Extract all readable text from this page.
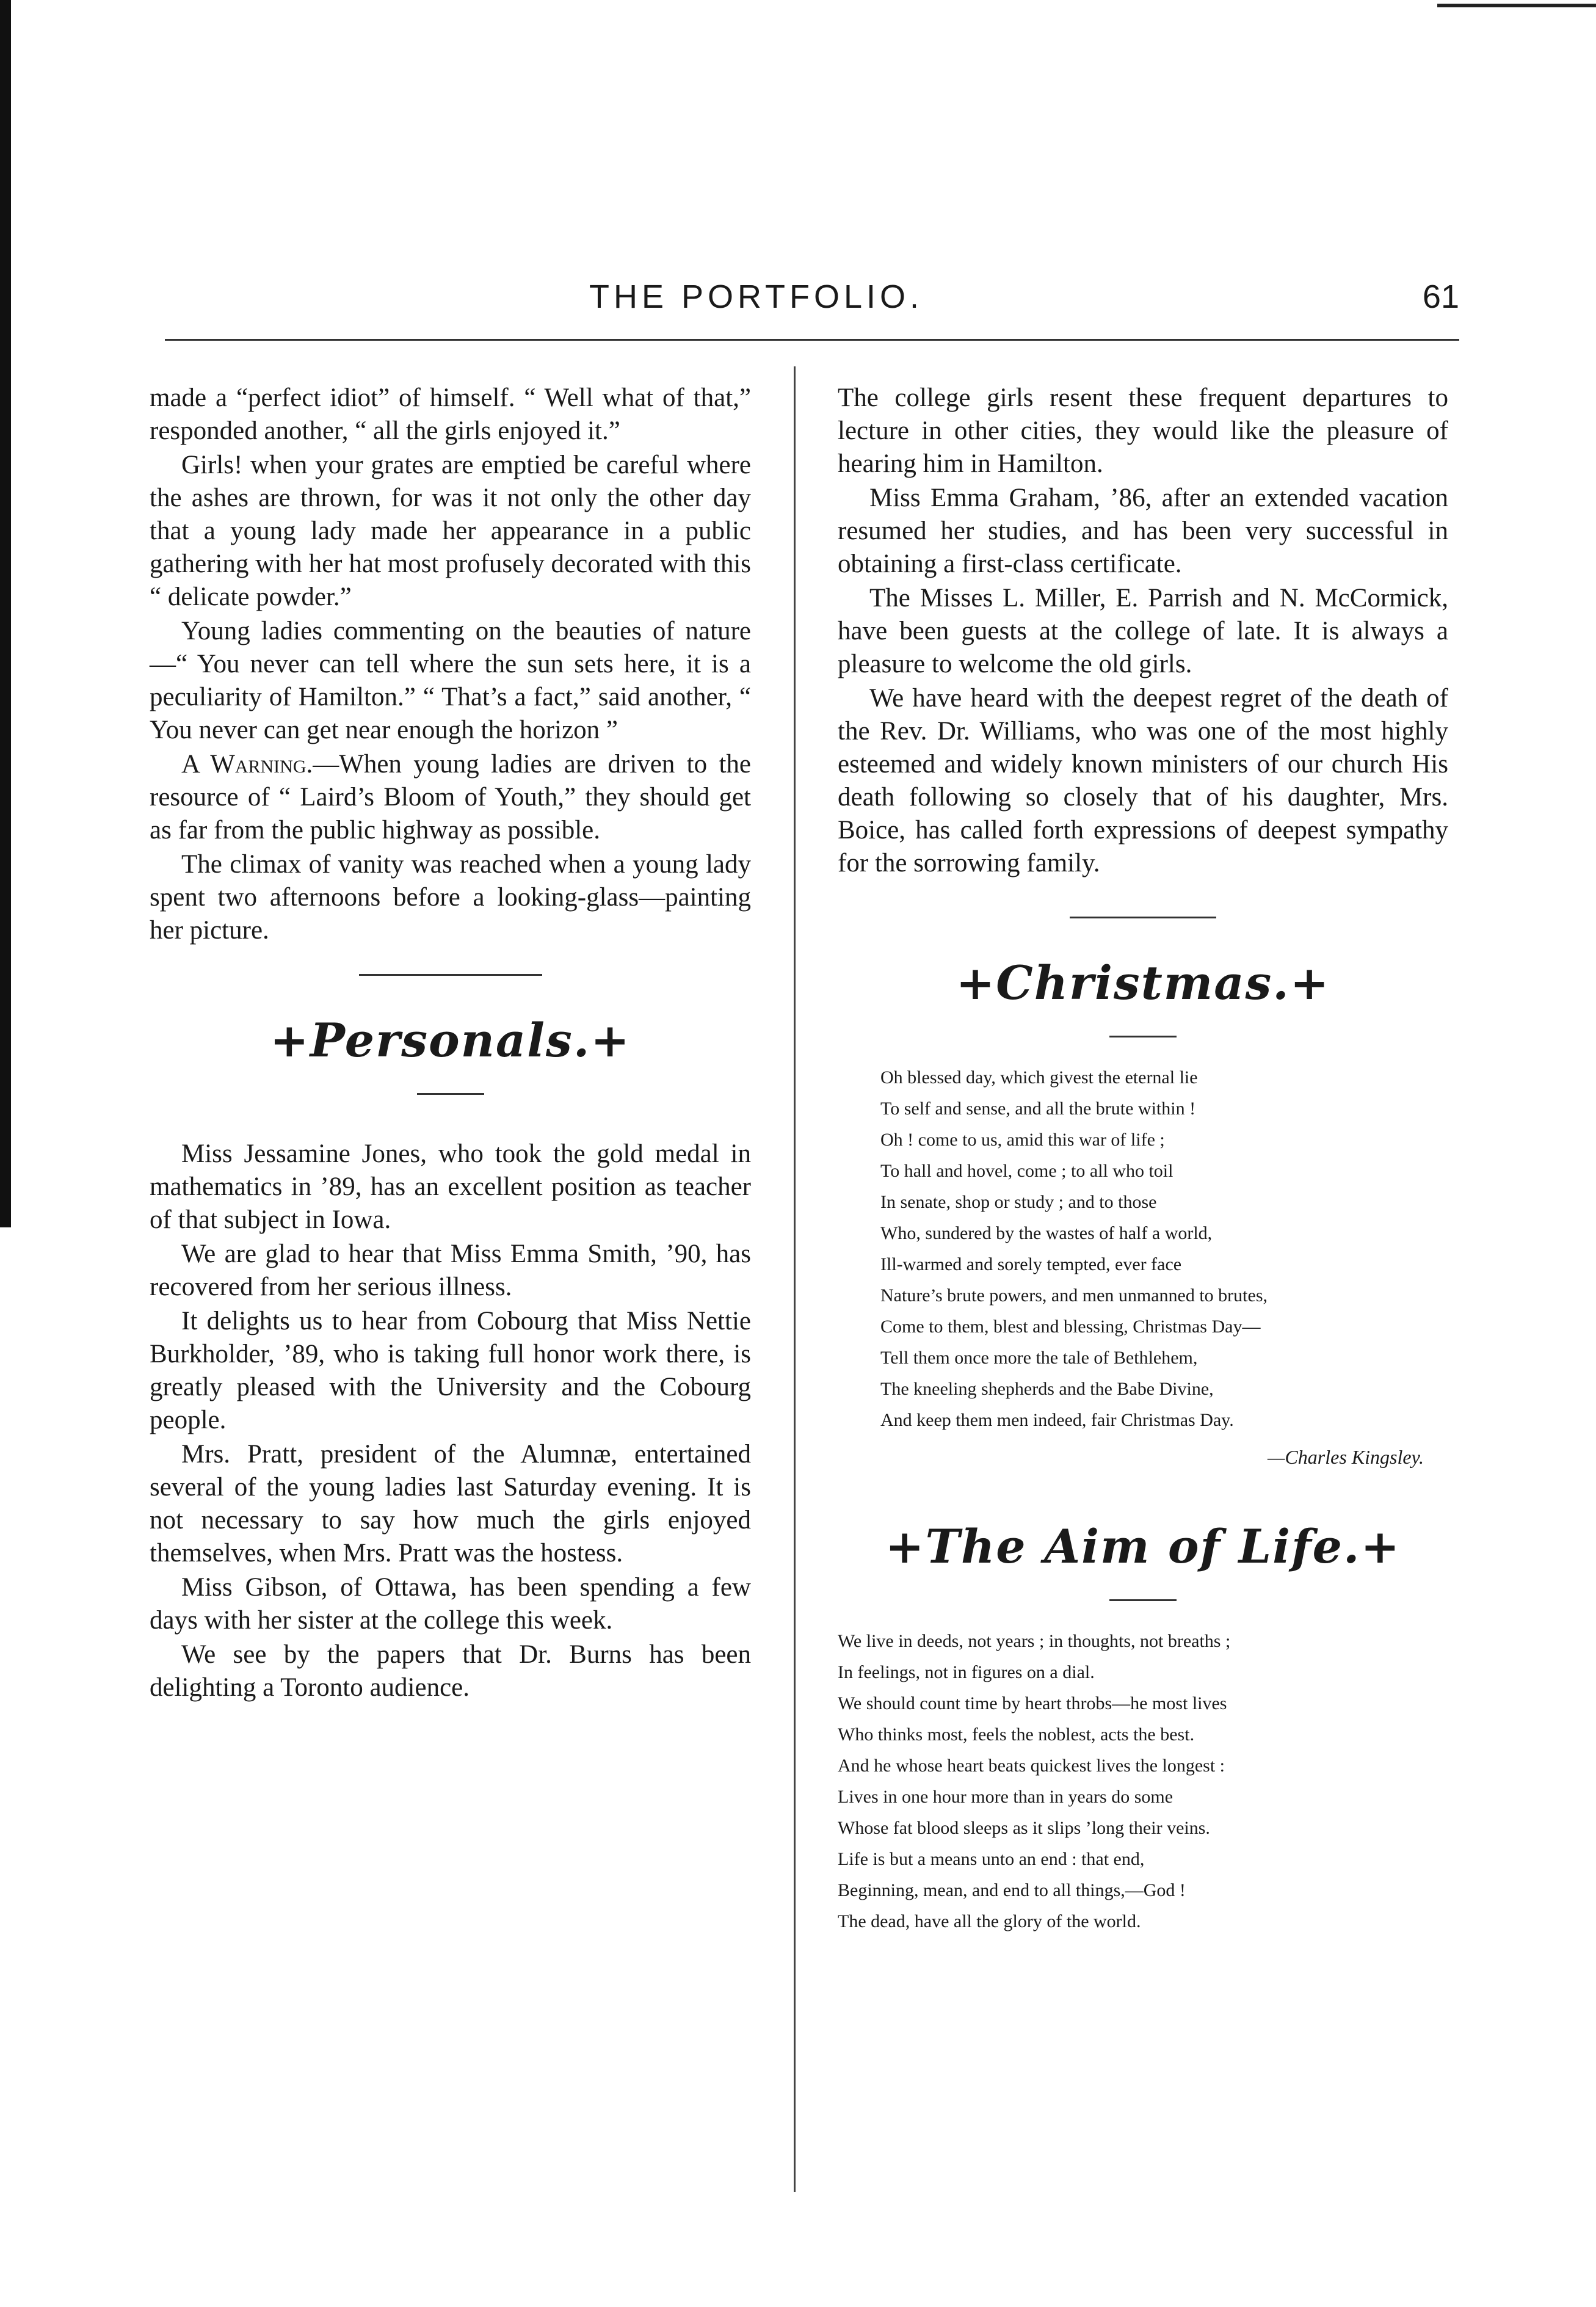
THE PORTFOLIO.	61

made a “perfect idiot” of himself. “ Well what of that,” responded another, “ all the girls enjoyed it.”

Girls! when your grates are emptied be careful where the ashes are thrown, for was it not only the other day that a young lady made her appearance in a public gathering with her hat most profusely decorated with this “ delicate powder.”

Young ladies commenting on the beauties of nature—“ You never can tell where the sun sets here, it is a peculiarity of Hamilton.” “ That’s a fact,” said another, “ You never can get near enough the horizon ”

A Warning.—When young ladies are driven to the resource of “ Laird’s Bloom of Youth,” they should get as far from the public highway as possible.

The climax of vanity was reached when a young lady spent two afternoons before a looking-glass—painting her picture.

+Personals.+

Miss Jessamine Jones, who took the gold medal in mathematics in ’89, has an excellent position as teacher of that subject in Iowa.

We are glad to hear that Miss Emma Smith, ’90, has recovered from her serious illness.

It delights us to hear from Cobourg that Miss Nettie Burkholder, ’89, who is taking full honor work there, is greatly pleased with the University and the Cobourg people.

Mrs. Pratt, president of the Alumnæ, entertained several of the young ladies last Saturday evening. It is not necessary to say how much the girls enjoyed themselves, when Mrs. Pratt was the hostess.

Miss Gibson, of Ottawa, has been spending a few days with her sister at the college this week.

We see by the papers that Dr. Burns has been delighting a Toronto audience.

The college girls resent these frequent departures to lecture in other cities, they would like the pleasure of hearing him in Hamilton.

Miss Emma Graham, ’86, after an extended vacation resumed her studies, and has been very successful in obtaining a first-class certificate.

The Misses L. Miller, E. Parrish and N. McCormick, have been guests at the college of late. It is always a pleasure to welcome the old girls.

We have heard with the deepest regret of the death of the Rev. Dr. Williams, who was one of the most highly esteemed and widely known ministers of our church His death following so closely that of his daughter, Mrs. Boice, has called forth expressions of deepest sympathy for the sorrowing family.

+Christmas.+
Oh blessed day, which givest the eternal lie
To self and sense, and all the brute within !
Oh ! come to us, amid this war of life ;
To hall and hovel, come ; to all who toil
In senate, shop or study ; and to those
Who, sundered by the wastes of half a world,
Ill-warmed and sorely tempted, ever face
Nature’s brute powers, and men unmanned to brutes,
Come to them, blest and blessing, Christmas Day—
Tell them once more the tale of Bethlehem,
The kneeling shepherds and the Babe Divine,
And keep them men indeed, fair Christmas Day.
—Charles Kingsley.
+The Aim of Life.+
We live in deeds, not years ; in thoughts, not breaths ;
In feelings, not in figures on a dial.
We should count time by heart throbs—he most lives
Who thinks most, feels the noblest, acts the best.
And he whose heart beats quickest lives the longest :
Lives in one hour more than in years do some
Whose fat blood sleeps as it slips ’long their veins.
Life is but a means unto an end : that end,
Beginning, mean, and end to all things,—God !
The dead, have all the glory of the world.
